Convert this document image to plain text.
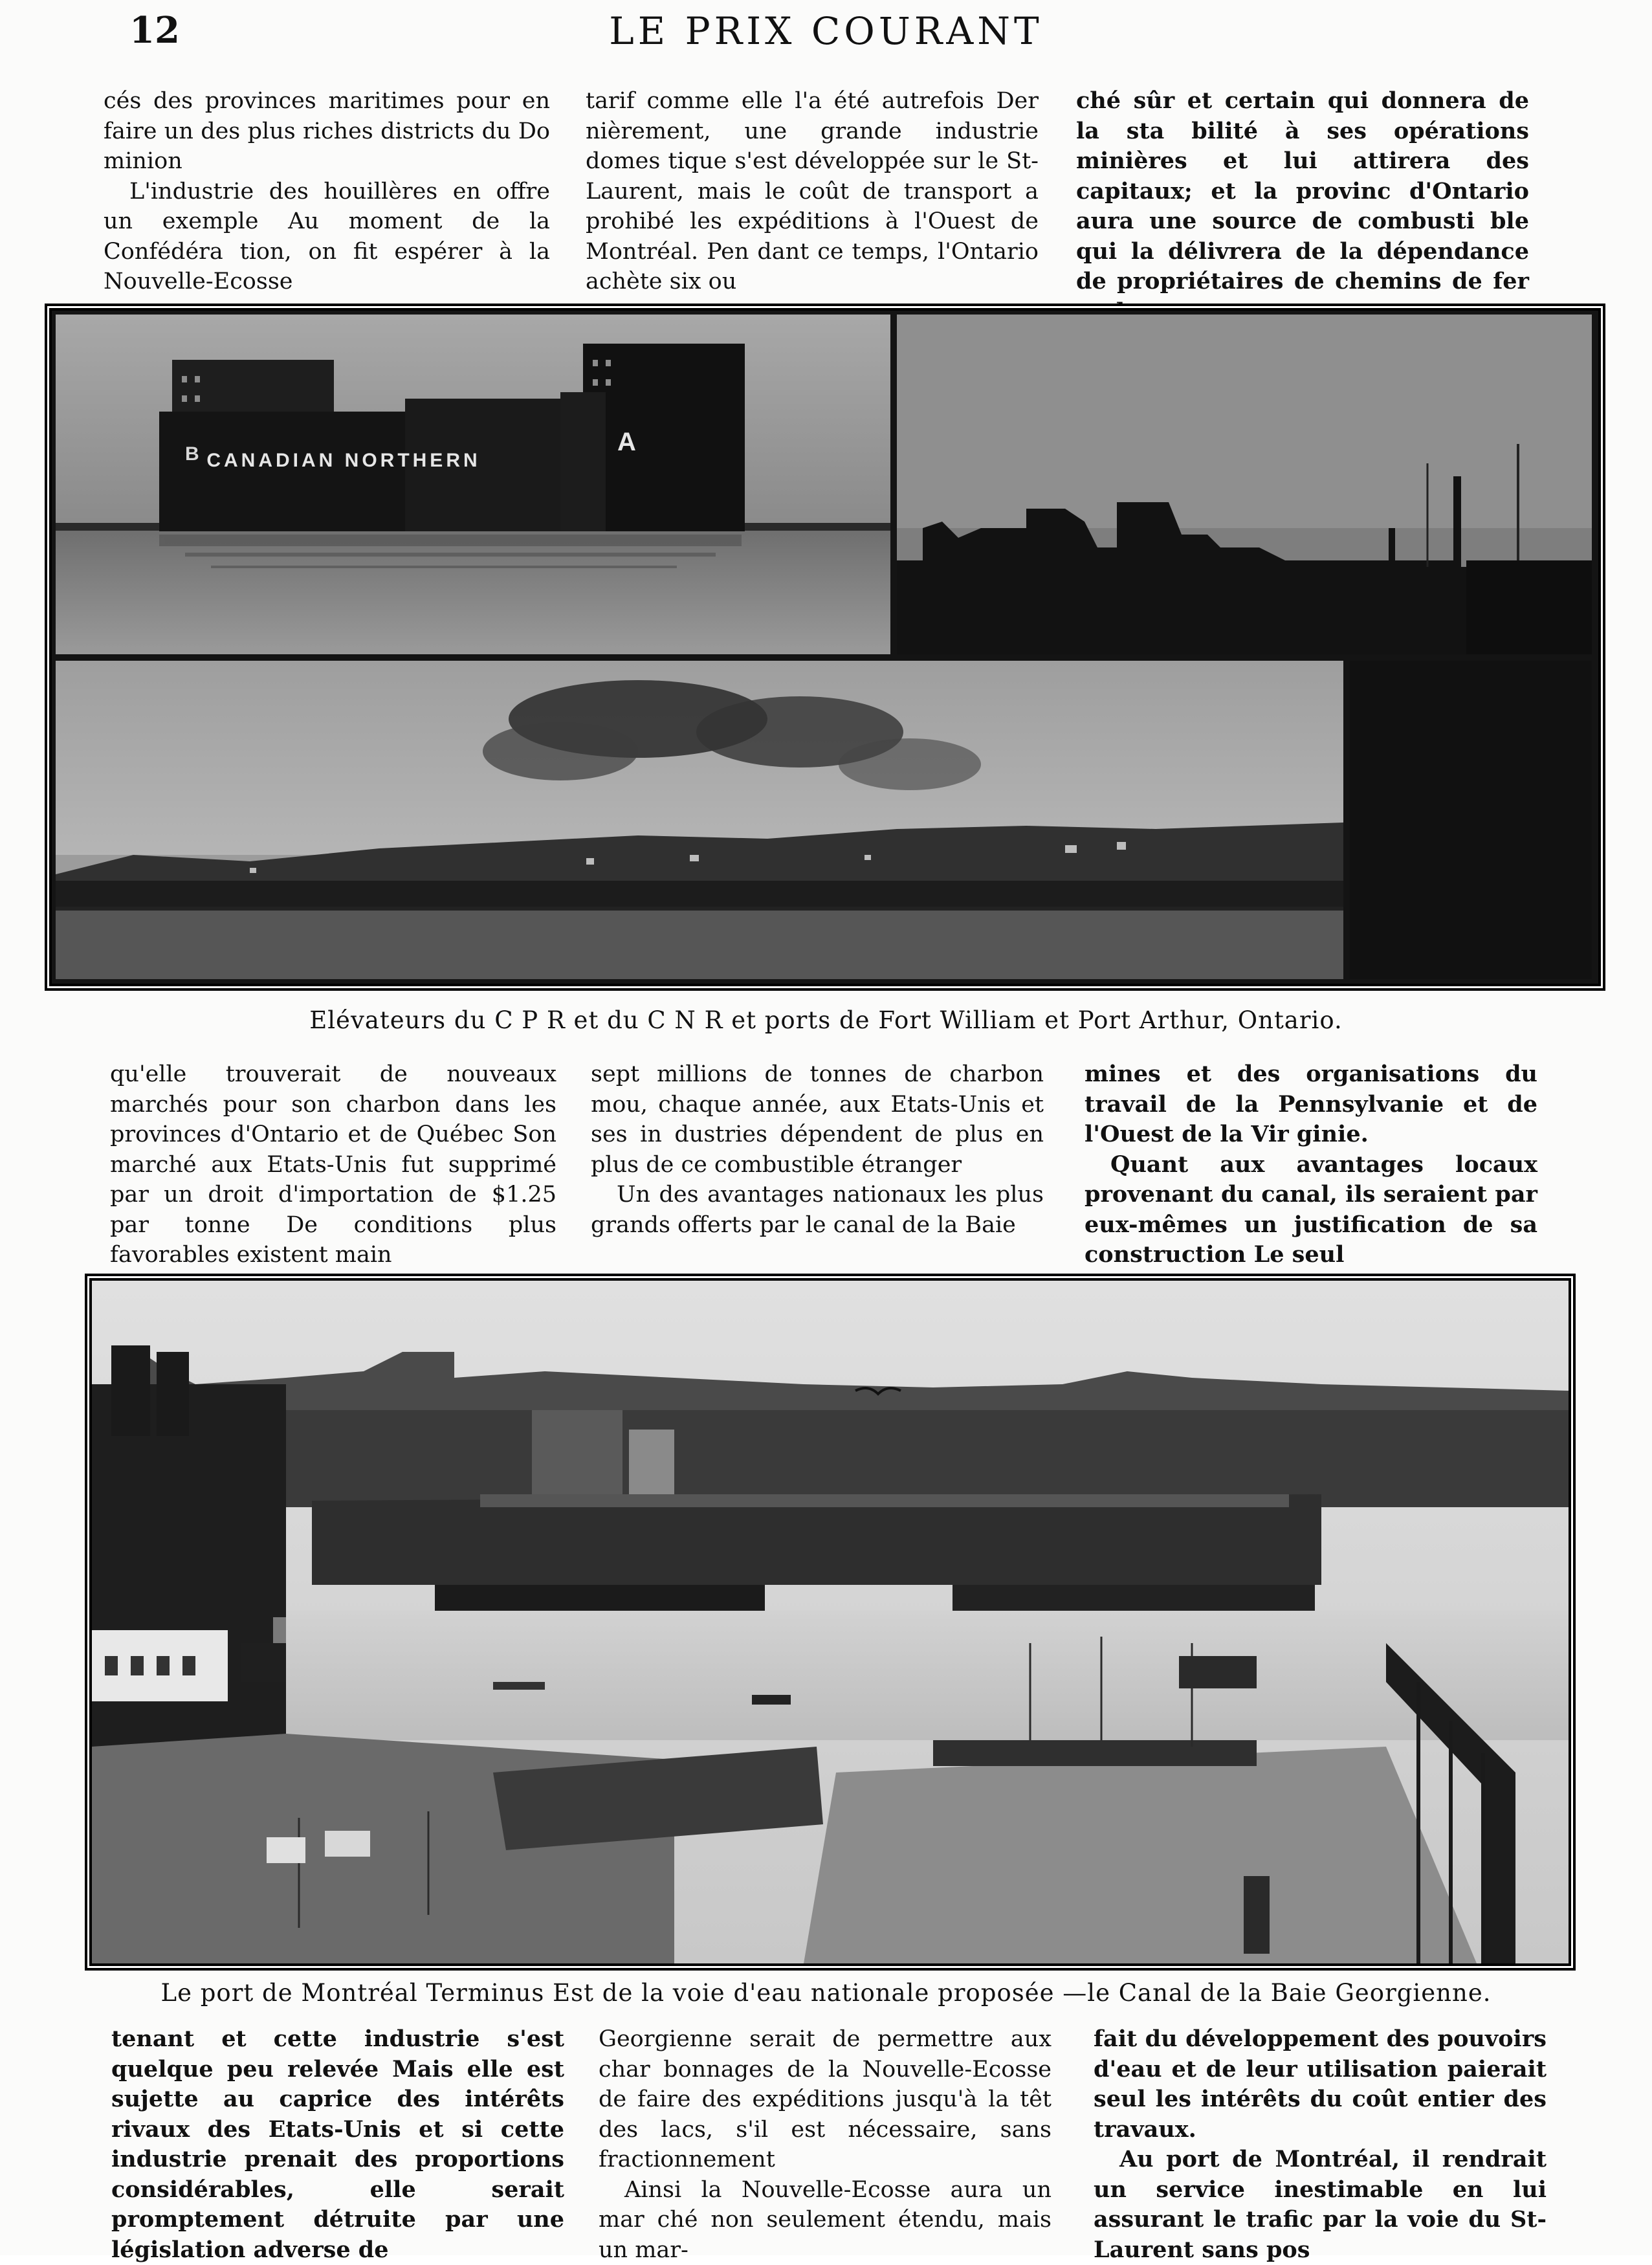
12	LE PRIX COURANT

cés des provinces maritimes pour en faire un des plus riches districts du Do minion

L'industrie des houillères en offre un exemple Au moment de la Confédéra tion, on fit espérer à la Nouvelle-Ecosse

tarif comme elle l'a été autrefois Der nièrement, une grande industrie domes tique s'est développée sur le St-Laurent, mais le coût de transport a prohibé les expéditions à l'Ouest de Montréal. Pen dant ce temps, l'Ontario achète six ou

ché sûr et certain qui donnera de la sta bilité à ses opérations minières et lui attirera des capitaux; et la provinc d'Ontario aura une source de combusti ble qui la délivrera de la dépendance de propriétaires de chemins de fer

CANADIAN NORTHERN
B	A
Elévateurs du C P R et du C N R et ports de Fort William et Port Arthur, Ontario.

qu'elle trouverait de nouveaux marchés pour son charbon dans les provinces d'Ontario et de Québec Son marché aux Etats-Unis fut supprimé par un droit d'importation de $1.25 par tonne De conditions plus favorables existent main

sept millions de tonnes de charbon mou, chaque année, aux Etats-Unis et ses in dustries dépendent de plus en plus de ce combustible étranger

Un des avantages nationaux les plus grands offerts par le canal de la Baie

mines et des organisations du travail de la Pennsylvanie et de l'Ouest de la Vir ginie.

Quant aux avantages locaux provenant du canal, ils seraient par eux-mêmes un justification de sa construction Le seul

Le port de Montréal Terminus Est de la voie d'eau nationale proposée —le Canal de la Baie Georgienne.

tenant et cette industrie s'est quelque peu relevée Mais elle est sujette au caprice des intérêts rivaux des Etats-Unis et si cette industrie prenait des proportions considérables, elle serait promptement détruite par une législation adverse de

Georgienne serait de permettre aux char bonnages de la Nouvelle-Ecosse de faire des expéditions jusqu'à la têt des lacs, s'il est nécessaire, sans fractionnement

Ainsi la Nouvelle-Ecosse aura un mar ché non seulement étendu, mais un mar-

fait du développement des pouvoirs d'eau et de leur utilisation paierait seul les intérêts du coût entier des travaux.

Au port de Montréal, il rendrait un service inestimable en lui assurant le trafic par la voie du St-Laurent sans pos
